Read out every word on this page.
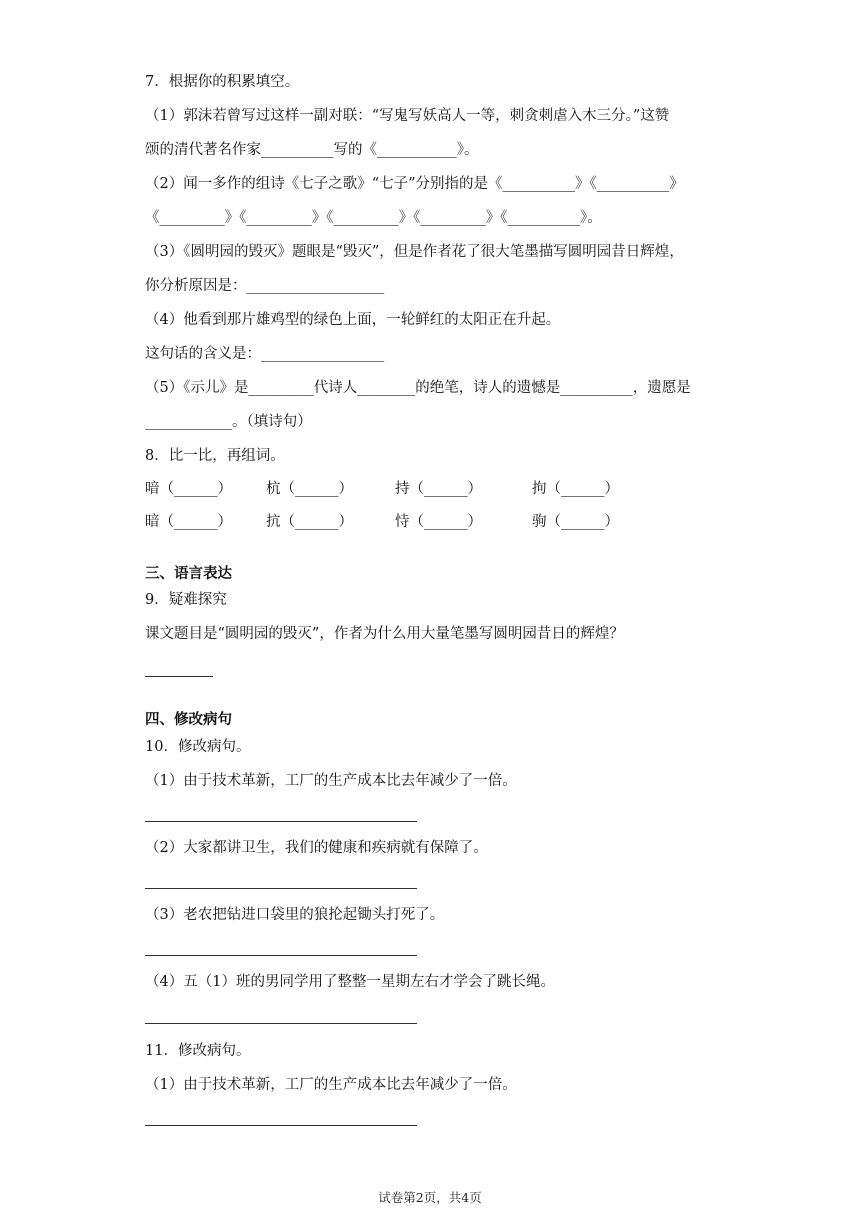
7．根据你的积累填空。
（1）郭沫若曾写过这样一副对联：“写鬼写妖高人一等，刺贪刺虐入木三分。”这赞
颂的清代著名作家__________写的《___________》。
（2）闻一多作的组诗《七子之歌》“七子”分别指的是《__________》《__________》
《_________》《_________》《_________》《_________》《__________》。
（3）《圆明园的毁灭》题眼是“毁灭”，但是作者花了很大笔墨描写圆明园昔日辉煌，
你分析原因是：___________________
（4）他看到那片雄鸡型的绿色上面，一轮鲜红的太阳正在升起。
这句话的含义是：_________________
（5）《示儿》是_________代诗人________的绝笔，诗人的遗憾是__________，遗愿是
____________。（填诗句）
8．比一比，再组词。
喑（______） 杭（______）	持（______）	拘（______）
暗（______） 抗（______）	恃（______）	驹（______）
三、语言表达
9．疑难探究
课文题目是“圆明园的毁灭”，作者为什么用大量笔墨写圆明园昔日的辉煌？
四、修改病句
10．修改病句。
（1）由于技术革新，工厂的生产成本比去年减少了一倍。
（2）大家都讲卫生，我们的健康和疾病就有保障了。
（3）老农把钻进口袋里的狼抡起锄头打死了。
（4）五（1）班的男同学用了整整一星期左右才学会了跳长绳。
11．修改病句。
（1）由于技术革新，工厂的生产成本比去年减少了一倍。
试卷第2页，共4页
